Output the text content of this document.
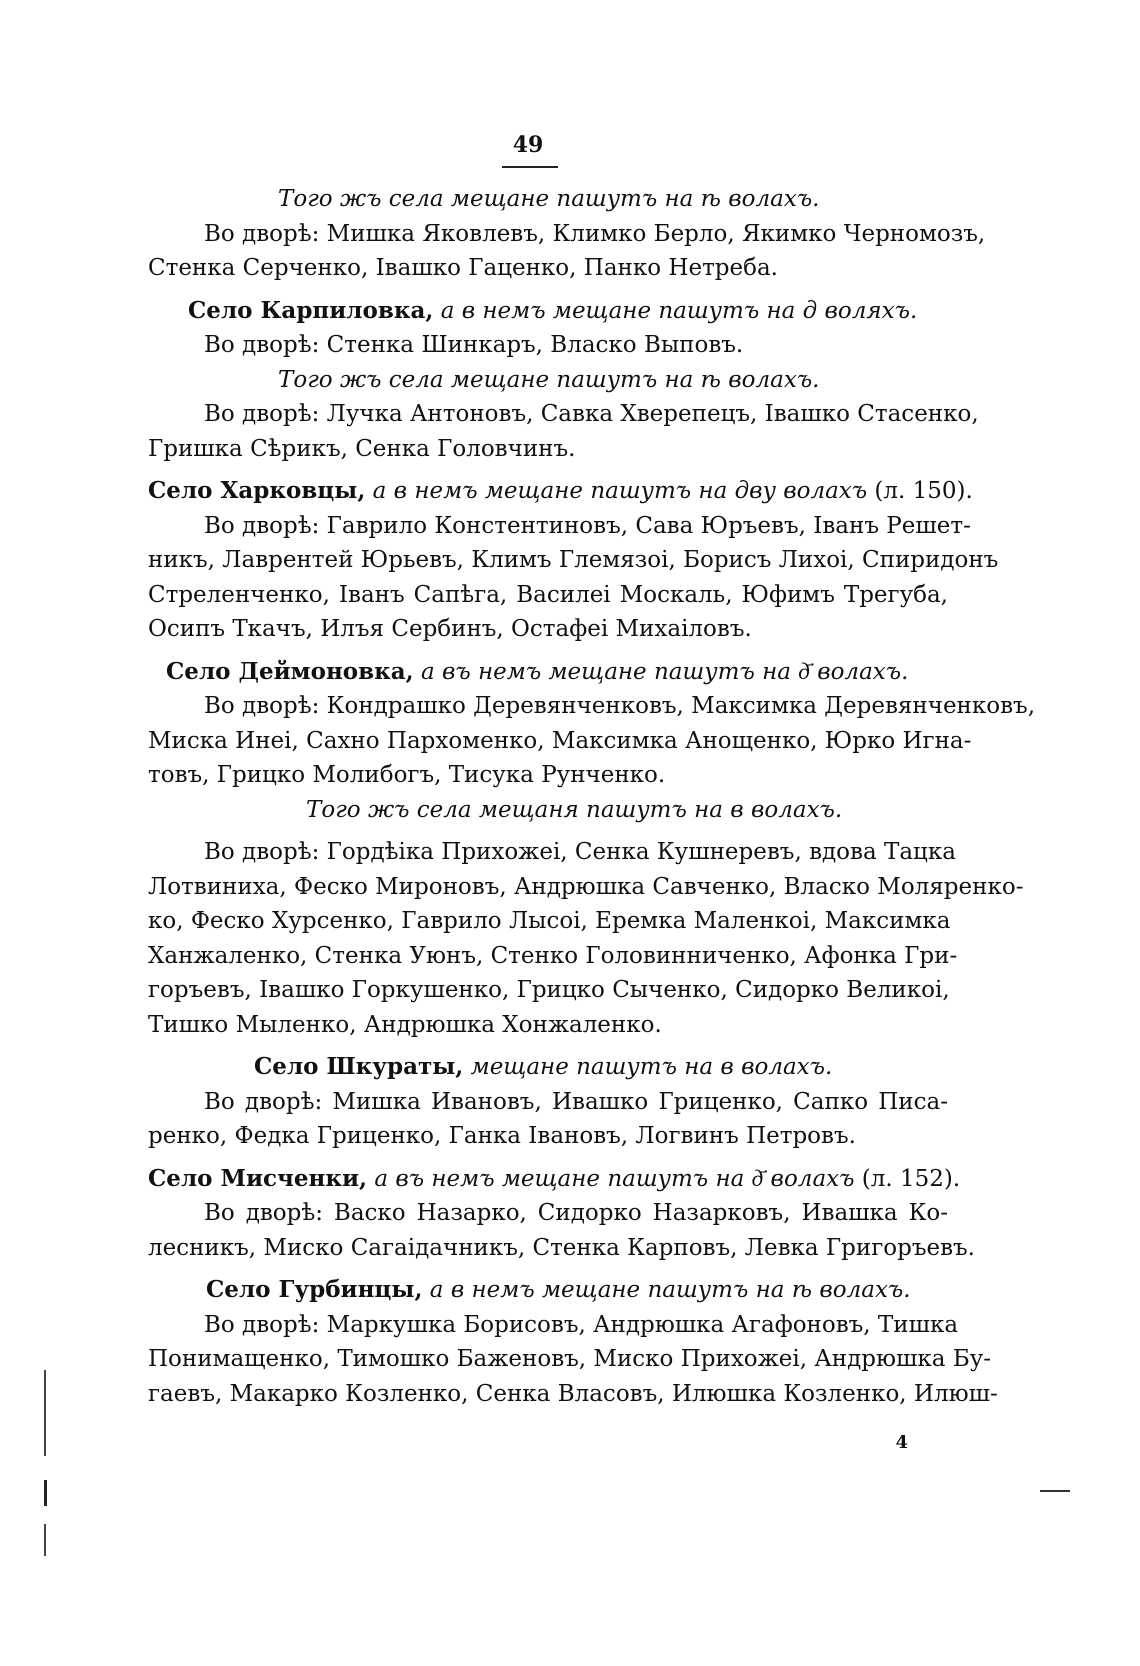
49
Того жъ села мещане пашутъ на ѣ волахъ.
Во дворѣ: Мишка Яковлевъ, Климко Берло, Якимко Черномозъ,
Стенка Серченко, Івашко Гаценко, Панко Нетреба.
Село Карпиловка, а в немъ мещане пашутъ на д воляхъ.
Во дворѣ: Стенка Шинкаръ, Власко Выповъ.
Того жъ села мещане пашутъ на ѣ волахъ.
Во дворѣ: Лучка Антоновъ, Савка Хверепецъ, Івашко Стасенко,
Гришка Сѣрикъ, Сенка Головчинъ.
Село Харковцы, а в немъ мещане пашутъ на дву волахъ (л. 150).
Во дворѣ: Гаврило Констентиновъ, Сава Юръевъ, Іванъ Решет-
никъ, Лаврентей Юрьевъ, Климъ Глемязоі, Борисъ Лихоі, Спиридонъ
Стреленченко, Іванъ Сапѣга, Василеі Москаль, Юфимъ Трегуба,
Осипъ Ткачъ, Илъя Сербинъ, Остафеі Михаіловъ.
Село Деймоновка, а въ немъ мещане пашутъ на д҃ волахъ.
Во дворѣ: Кондрашко Деревянченковъ, Максимка Деревянченковъ,
Миска Инеі, Сахно Пархоменко, Максимка Анощенко, Юрко Игна-
товъ, Грицко Молибогъ, Тисука Рунченко.
Того жъ села мещаня пашутъ на в волахъ.
Во дворѣ: Гордѣіка Прихожеі, Сенка Кушнеревъ, вдова Тацка
Лотвиниха, Феско Мироновъ, Андрюшка Савченко, Власко Моляренко-
ко, Феско Хурсенко, Гаврило Лысоі, Еремка Маленкоі, Максимка
Ханжаленко, Стенка Уюнъ, Стенко Головинниченко, Афонка Гри-
горъевъ, Івашко Горкушенко, Грицко Сыченко, Сидорко Великоі,
Тишко Мыленко, Андрюшка Хонжаленко.
Село Шкураты, мещане пашутъ на в волахъ.
Во дворѣ: Мишка Ивановъ, Ивашко Гриценко, Сапко Писа-
ренко, Федка Гриценко, Ганка Івановъ, Логвинъ Петровъ.
Село Мисченки, а въ немъ мещане пашутъ на д҃ волахъ (л. 152).
Во дворѣ: Васко Назарко, Сидорко Назарковъ, Ивашка Ко-
лесникъ, Миско Сагаідачникъ, Стенка Карповъ, Левка Григоръевъ.
Село Гурбинцы, а в немъ мещане пашутъ на ѣ волахъ.
Во дворѣ: Маркушка Борисовъ, Андрюшка Агафоновъ, Тишка
Понимащенко, Тимошко Баженовъ, Миско Прихожеі, Андрюшка Бу-
гаевъ, Макарко Козленко, Сенка Власовъ, Илюшка Козленко, Илюш-
4
